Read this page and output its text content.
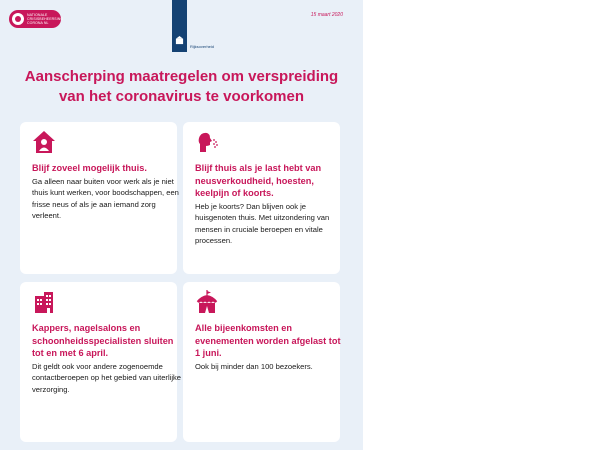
NATIONALE CRISISBEHEERSING CORONA NL
Rijksoverheid
15 maart 2020
Aanscherping maatregelen om verspreiding van het coronavirus te voorkomen

Blijf zoveel mogelijk thuis.

Ga alleen naar buiten voor werk als je niet thuis kunt werken, voor boodschappen, een frisse neus of als je aan iemand zorg verleent.

Blijf thuis als je last hebt van neusverkoudheid, hoesten, keelpijn of koorts.

Heb je koorts? Dan blijven ook je huisgenoten thuis. Met uitzondering van mensen in cruciale beroepen en vitale processen.

Kappers, nagelsalons en schoonheidsspecialisten sluiten tot en met 6 april.

Dit geldt ook voor andere zogenoemde contactberoepen op het gebied van uiterlijke verzorging.

Alle bijeenkomsten en evenementen worden afgelast tot 1 juni.

Ook bij minder dan 100 bezoekers.
